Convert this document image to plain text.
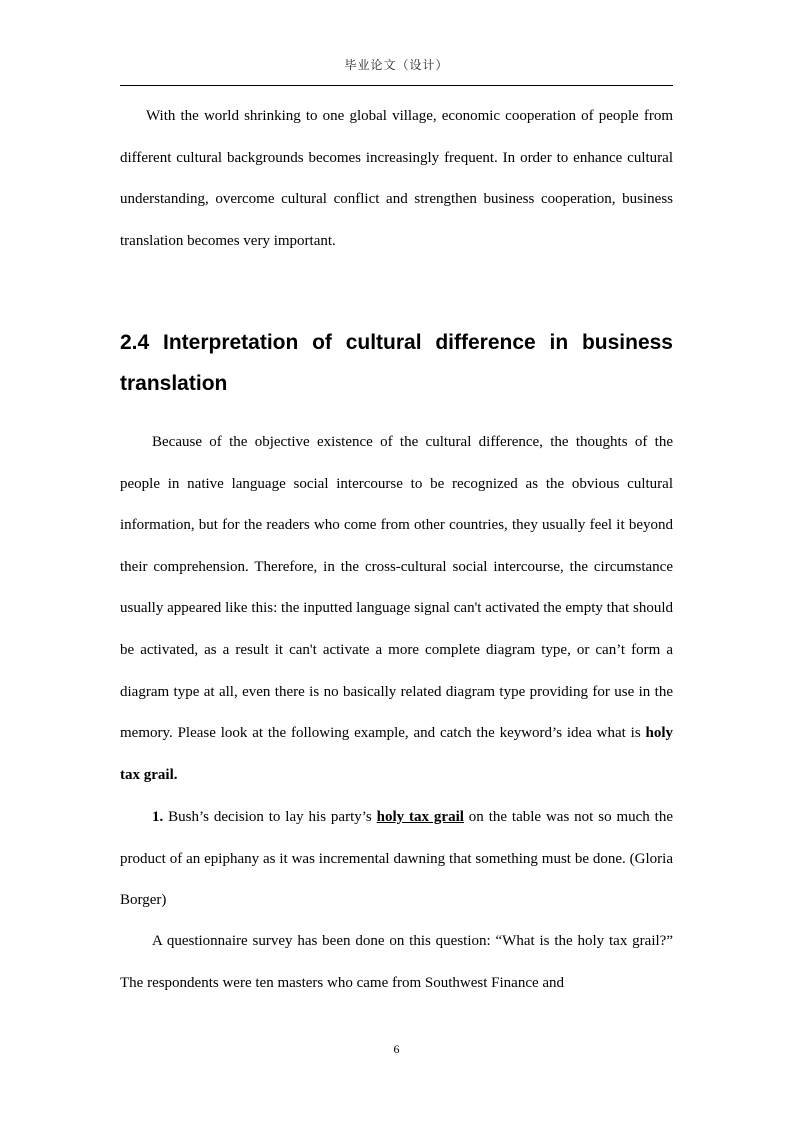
毕业论文（设计）

With the world shrinking to one global village, economic cooperation of people from different cultural backgrounds becomes increasingly frequent. In order to enhance cultural understanding, overcome cultural conflict and strengthen business cooperation, business translation becomes very important.

2.4 Interpretation of cultural difference in business translation

Because of the objective existence of the cultural difference, the thoughts of the people in native language social intercourse to be recognized as the obvious cultural information, but for the readers who come from other countries, they usually feel it beyond their comprehension. Therefore, in the cross-cultural social intercourse, the circumstance usually appeared like this: the inputted language signal can't activated the empty that should be activated, as a result it can't activate a more complete diagram type, or can’t form a diagram type at all, even there is no basically related diagram type providing for use in the memory. Please look at the following example, and catch the keyword’s idea what is holy tax grail.

1. Bush’s decision to lay his party’s holy tax grail on the table was not so much the product of an epiphany as it was incremental dawning that something must be done. (Gloria Borger)

A questionnaire survey has been done on this question: “What is the holy tax grail?” The respondents were ten masters who came from Southwest Finance and

6
